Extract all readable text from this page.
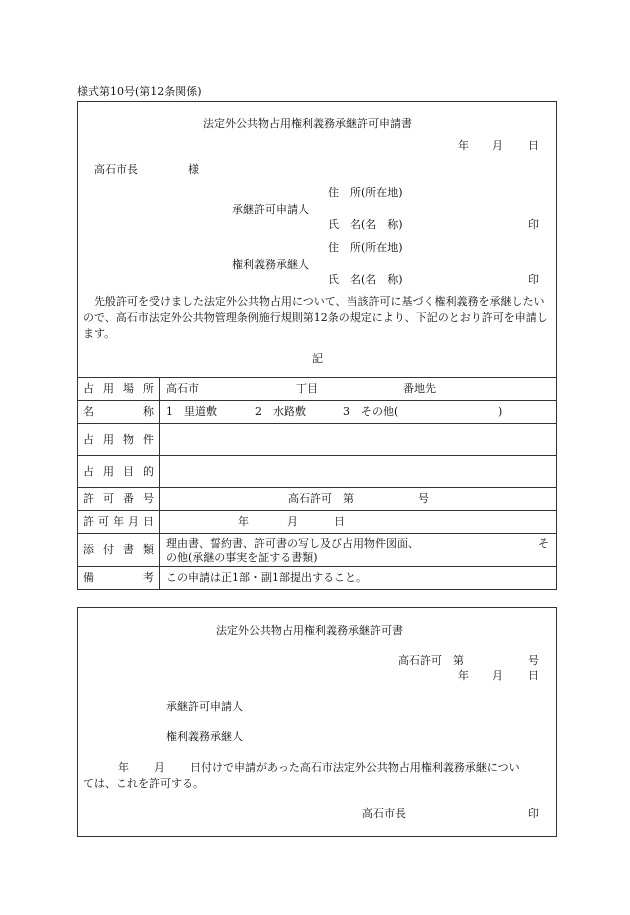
様式第10号(第12条関係)
法定外公共物占用権利義務承継許可申請書
年 月 日
高石市長	様
住　所(所在地)
承継許可申請人
氏　名(名　称)	印
住　所(所在地)
権利義務承継人
氏　名(名　称)	印
先般許可を受けました法定外公共物占用について、当該許可に基づく権利義務を承継したいので、高石市法定外公共物管理条例施行規則第12条の規定により、下記のとおり許可を申請します。
記
占 用 場 所 高石市	丁目	番地先
名	称 1　里道敷	2　水路敷	3　その他(	)
占 用 物 件
占 用 目 的
許 可 番 号	高石許可　第	号
許 可 年 月 日	年	月	日
添 付 書 類 理由書、誓約書、許可書の写し及び占用物件図面、	そ
の他(承継の事実を証する書類)
備	考 この申請は正1部・副1部提出すること。
法定外公共物占用権利義務承継許可書
高石許可　第	号
年 月 日
承継許可申請人
権利義務承継人
年 月 日付けで申請があった高石市法定外公共物占用権利義務承継につい
ては、これを許可する。
高石市長	印
